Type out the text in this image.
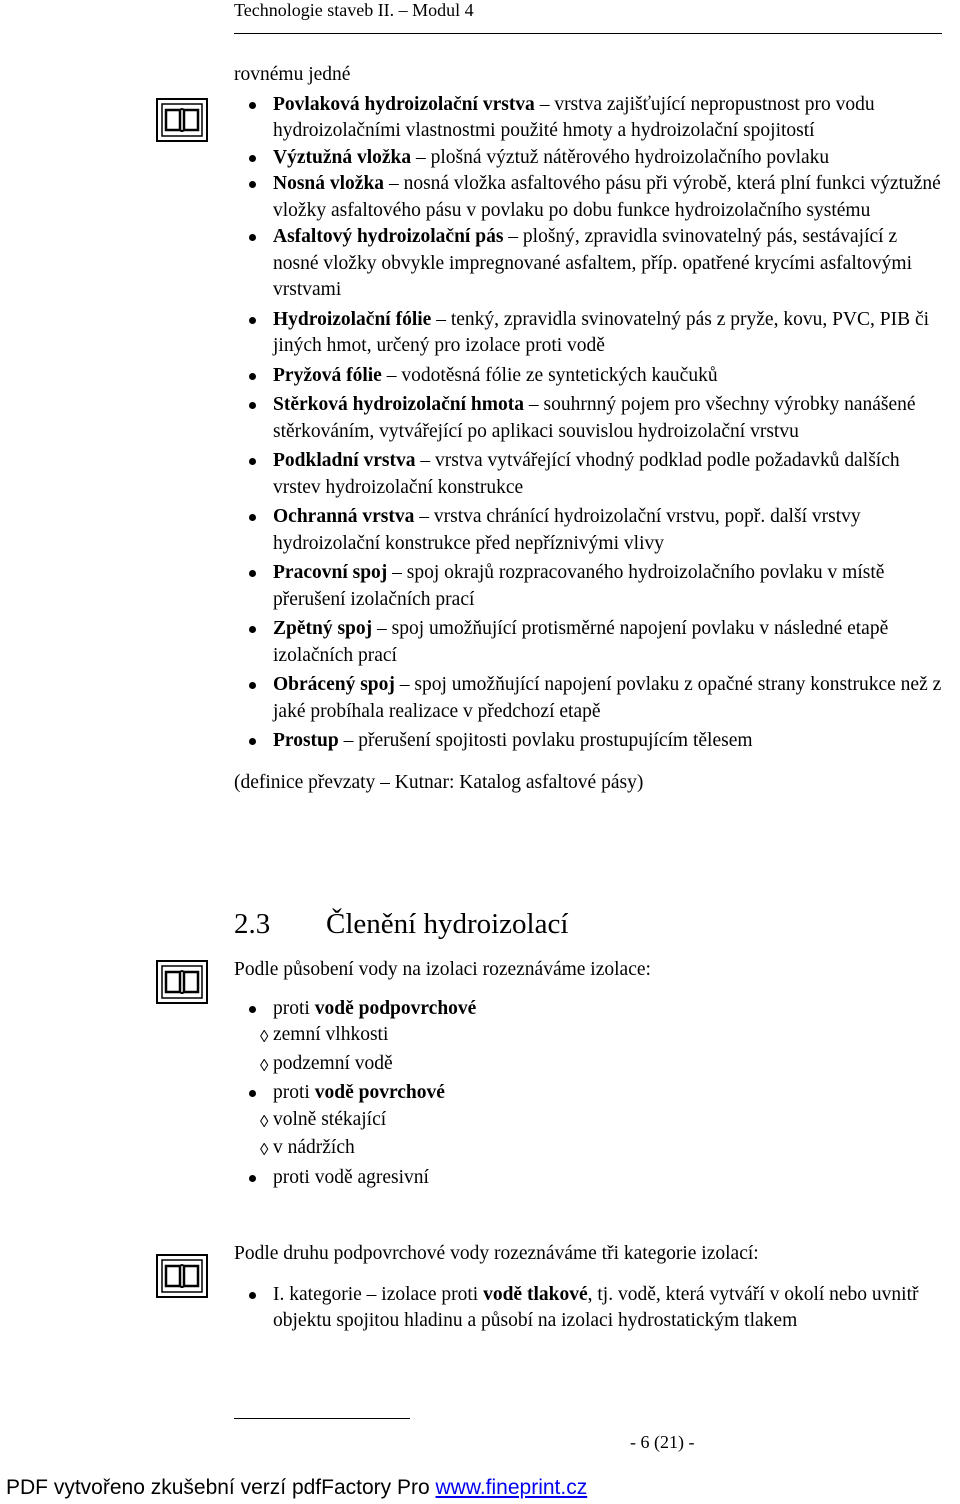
Technologie staveb II. – Modul 4

rovnému jedné

Povlaková hydroizolační vrstva – vrstva zajišťující nepropustnost pro vodu hydroizolačními vlastnostmi použité hmoty a hydroizolační spojitostí
Výztužná vložka – plošná výztuž nátěrového hydroizolačního povlaku
Nosná vložka – nosná vložka asfaltového pásu při výrobě, která plní funkci výztužné vložky asfaltového pásu v povlaku po dobu funkce hydroizolačního systému
Asfaltový hydroizolační pás – plošný, zpravidla svinovatelný pás, sestávající z nosné vložky obvykle impregnované asfaltem, příp. opatřené krycími asfaltovými vrstvami
Hydroizolační fólie – tenký, zpravidla svinovatelný pás z pryže, kovu, PVC, PIB či jiných hmot, určený pro izolace proti vodě
Pryžová fólie – vodotěsná fólie ze syntetických kaučuků
Stěrková hydroizolační hmota – souhrnný pojem pro všechny výrobky nanášené stěrkováním, vytvářející po aplikaci souvislou hydroizolační vrstvu
Podkladní vrstva – vrstva vytvářející vhodný podklad podle požadavků dalších vrstev hydroizolační konstrukce
Ochranná vrstva – vrstva chránící hydroizolační vrstvu, popř. další vrstvy hydroizolační konstrukce před nepříznivými vlivy
Pracovní spoj – spoj okrajů rozpracovaného hydroizolačního povlaku v místě přerušení izolačních prací
Zpětný spoj – spoj umožňující protisměrné napojení povlaku v následné etapě izolačních prací
Obrácený spoj – spoj umožňující napojení povlaku z opačné strany konstrukce než z jaké probíhala realizace v předchozí etapě
Prostup – přerušení spojitosti povlaku prostupujícím tělesem

(definice převzaty – Kutnar: Katalog asfaltové pásy)

2.3 Členění hydroizolací

Podle působení vody na izolaci rozeznáváme izolace:

proti vodě podpovrchové
◊ zemní vlhkosti
◊ podzemní vodě
proti vodě povrchové
◊ volně stékající
◊ v nádržích
proti vodě agresivní

Podle druhu podpovrchové vody rozeznáváme tři kategorie izolací:

I. kategorie – izolace proti vodě tlakové, tj. vodě, která vytváří v okolí nebo uvnitř objektu spojitou hladinu a působí na izolaci hydrostatickým tlakem
- 6 (21) -
PDF vytvořeno zkušební verzí pdfFactory Pro www.fineprint.cz
